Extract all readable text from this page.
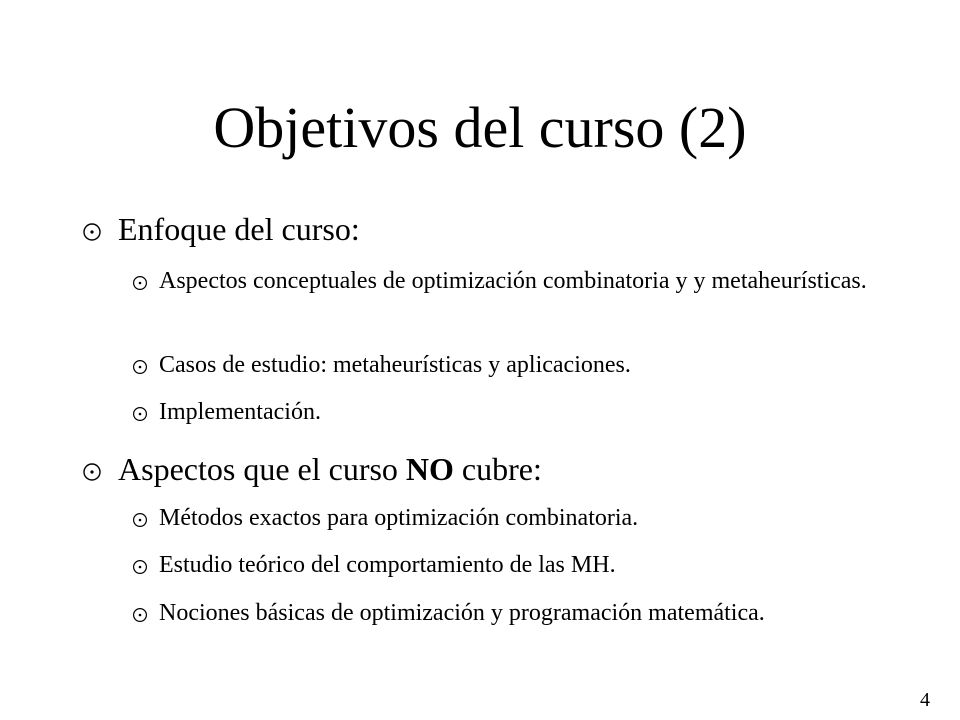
Objetivos del curso (2)
Enfoque del curso:
Aspectos conceptuales de optimización combinatoria y y metaheurísticas.
Casos de estudio: metaheurísticas y aplicaciones.
Implementación.
Aspectos que el curso NO cubre:
Métodos exactos para optimización combinatoria.
Estudio teórico del comportamiento de las MH.
Nociones básicas de optimización y programación matemática.
4
